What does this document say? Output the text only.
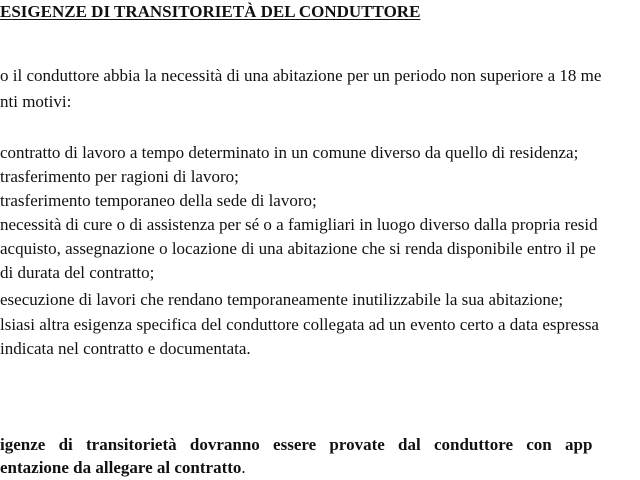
ESIGENZE DI TRANSITORIETÀ DEL CONDUTTORE
o il conduttore abbia la necessità di una abitazione per un periodo non superiore a 18 me
nti motivi:
contratto di lavoro a tempo determinato in un comune diverso da quello di residenza;
trasferimento per ragioni di lavoro;
trasferimento temporaneo della sede di lavoro;
necessità di cure o di assistenza per sé o a famigliari in luogo diverso dalla propria resid
acquisto, assegnazione o locazione di una abitazione che si renda disponibile entro il pe
di durata del contratto;
esecuzione di lavori che rendano temporaneamente inutilizzabile la sua abitazione;
lsiasi altra esigenza specifica del conduttore collegata ad un evento certo a data espressa
indicata nel contratto e documentata.
igenze di transitorietà dovranno essere provate dal conduttore con app
entazione da allegare al contratto.
